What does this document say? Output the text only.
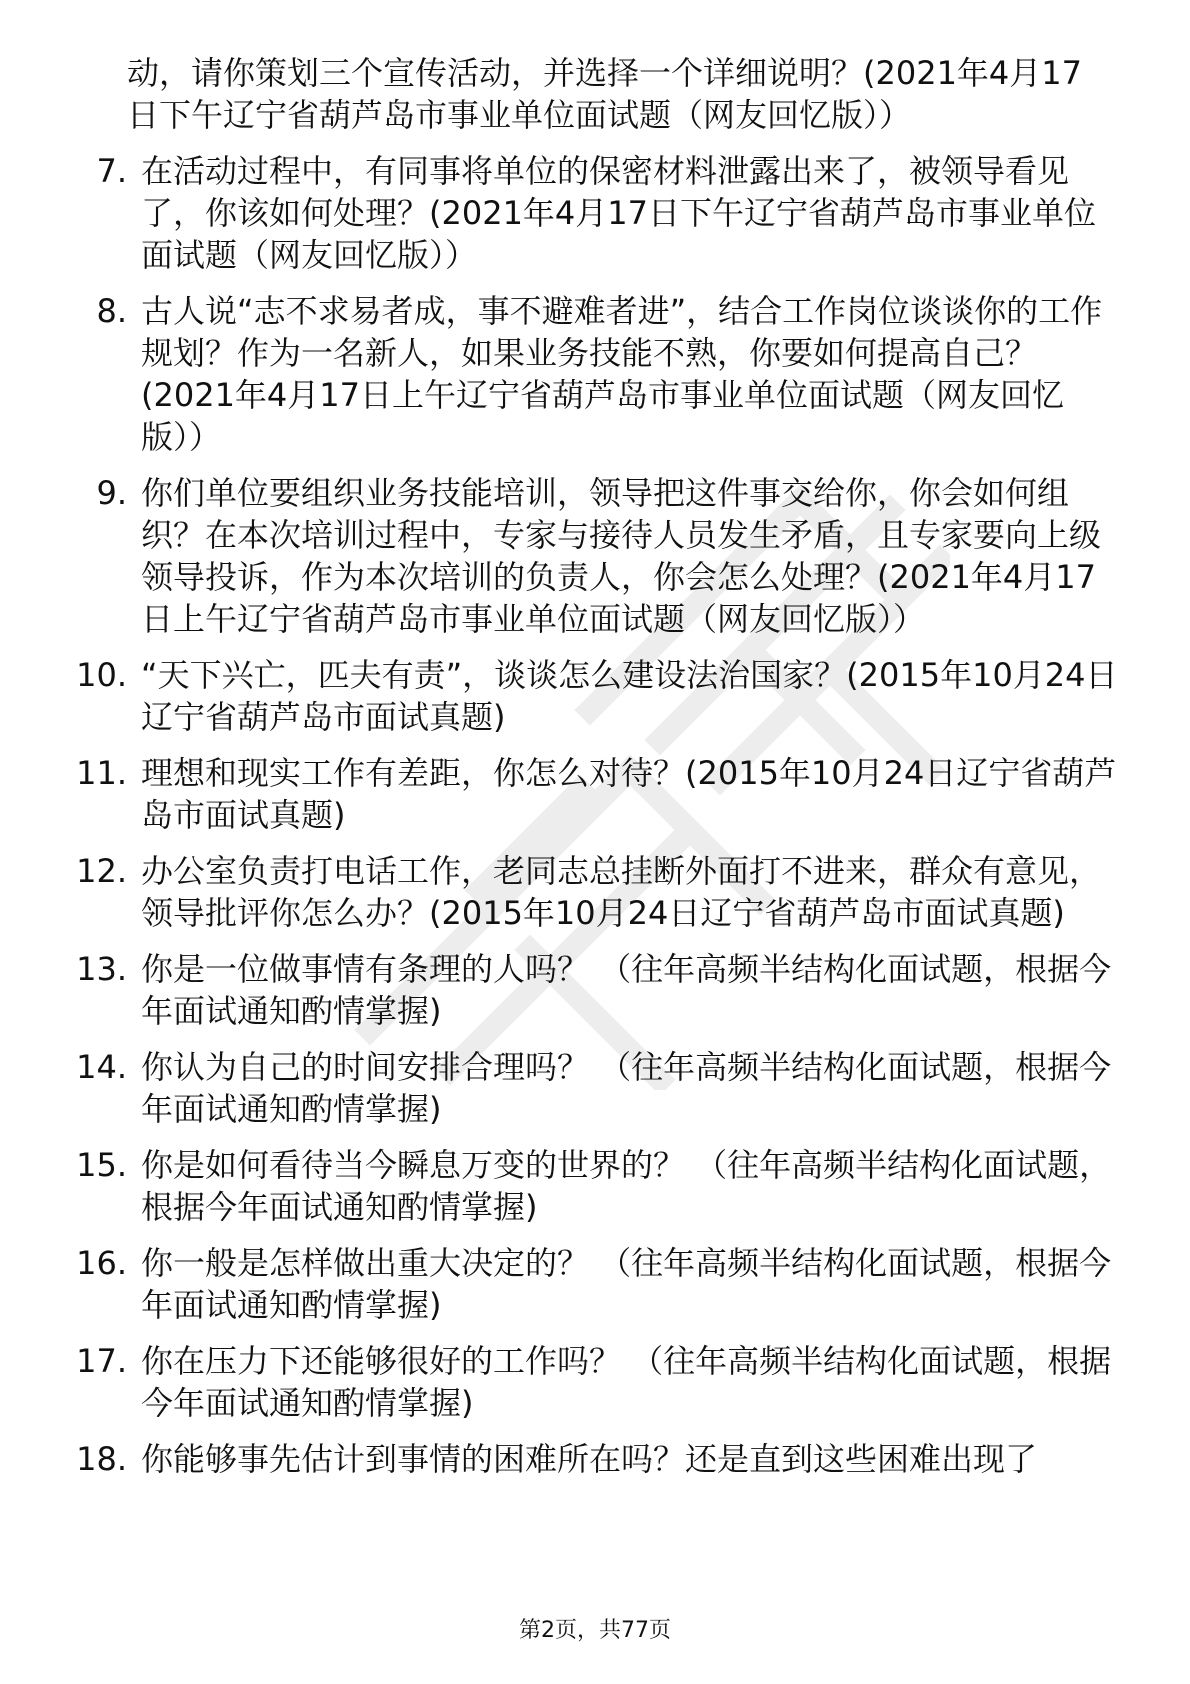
动，请你策划三个宣传活动，并选择一个详细说明？(2021年4月17日下午辽宁省葫芦岛市事业单位面试题（网友回忆版））
7. 在活动过程中，有同事将单位的保密材料泄露出来了，被领导看见了，你该如何处理？(2021年4月17日下午辽宁省葫芦岛市事业单位面试题（网友回忆版））
8. 古人说“志不求易者成，事不避难者进”，结合工作岗位谈谈你的工作规划？作为一名新人，如果业务技能不熟，你要如何提高自己？(2021年4月17日上午辽宁省葫芦岛市事业单位面试题（网友回忆版））
9. 你们单位要组织业务技能培训，领导把这件事交给你，你会如何组织？在本次培训过程中，专家与接待人员发生矛盾，且专家要向上级领导投诉，作为本次培训的负责人，你会怎么处理？(2021年4月17日上午辽宁省葫芦岛市事业单位面试题（网友回忆版））
10. “天下兴亡，匹夫有责”，谈谈怎么建设法治国家？(2015年10月24日辽宁省葫芦岛市面试真题)
11. 理想和现实工作有差距，你怎么对待？(2015年10月24日辽宁省葫芦岛市面试真题)
12. 办公室负责打电话工作，老同志总挂断外面打不进来，群众有意见，领导批评你怎么办？(2015年10月24日辽宁省葫芦岛市面试真题)
13. 你是一位做事情有条理的人吗？ （往年高频半结构化面试题，根据今年面试通知酌情掌握)
14. 你认为自己的时间安排合理吗？ （往年高频半结构化面试题，根据今年面试通知酌情掌握)
15. 你是如何看待当今瞬息万变的世界的？ （往年高频半结构化面试题，根据今年面试通知酌情掌握)
16. 你一般是怎样做出重大决定的？ （往年高频半结构化面试题，根据今年面试通知酌情掌握)
17. 你在压力下还能够很好的工作吗？ （往年高频半结构化面试题，根据今年面试通知酌情掌握)
18. 你能够事先估计到事情的困难所在吗？还是直到这些困难出现了
第2页，共77页
